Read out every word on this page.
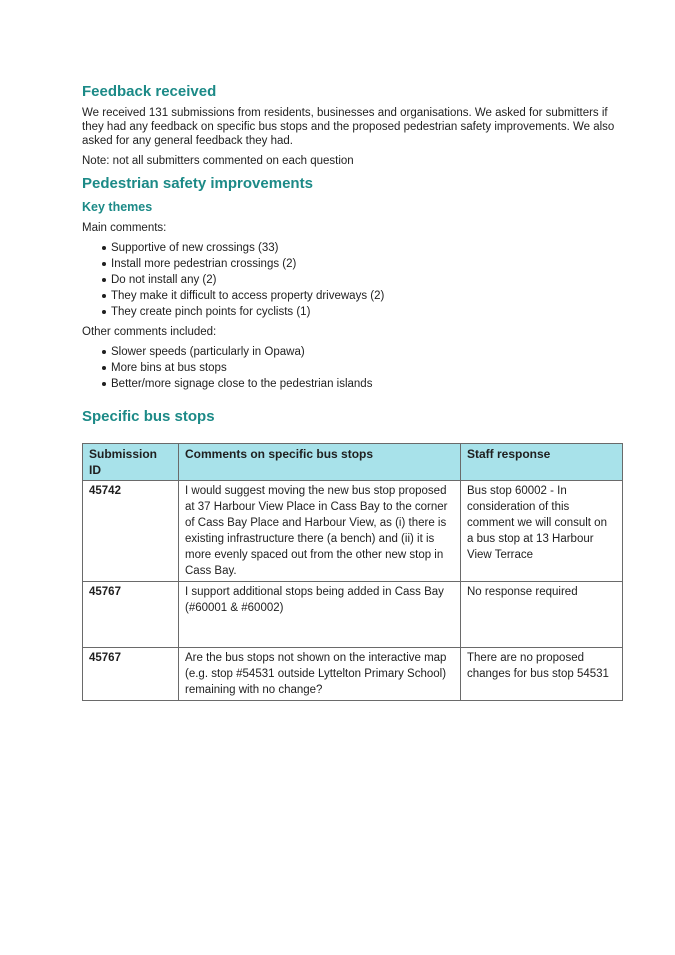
Feedback received

We received 131 submissions from residents, businesses and organisations. We asked for submitters if they had any feedback on specific bus stops and the proposed pedestrian safety improvements. We also asked for any general feedback they had.

Note: not all submitters commented on each question

Pedestrian safety improvements
Key themes

Main comments:

Supportive of new crossings (33)
Install more pedestrian crossings (2)
Do not install any (2)
They make it difficult to access property driveways (2)
They create pinch points for cyclists (1)

Other comments included:

Slower speeds (particularly in Opawa)
More bins at bus stops
Better/more signage close to the pedestrian islands
Specific bus stops
Submission ID	Comments on specific bus stops	Staff response
45742	I would suggest moving the new bus stop proposed at 37 Harbour View Place in Cass Bay to the corner of Cass Bay Place and Harbour View, as (i) there is existing infrastructure there (a bench) and (ii) it is more evenly spaced out from the other new stop in Cass Bay.	Bus stop 60002 - In consideration of this comment we will consult on a bus stop at 13 Harbour View Terrace
45767	I support additional stops being added in Cass Bay (#60001 & #60002)	No response required
45767	Are the bus stops not shown on the interactive map (e.g. stop #54531 outside Lyttelton Primary School) remaining with no change?	There are no proposed changes for bus stop 54531
